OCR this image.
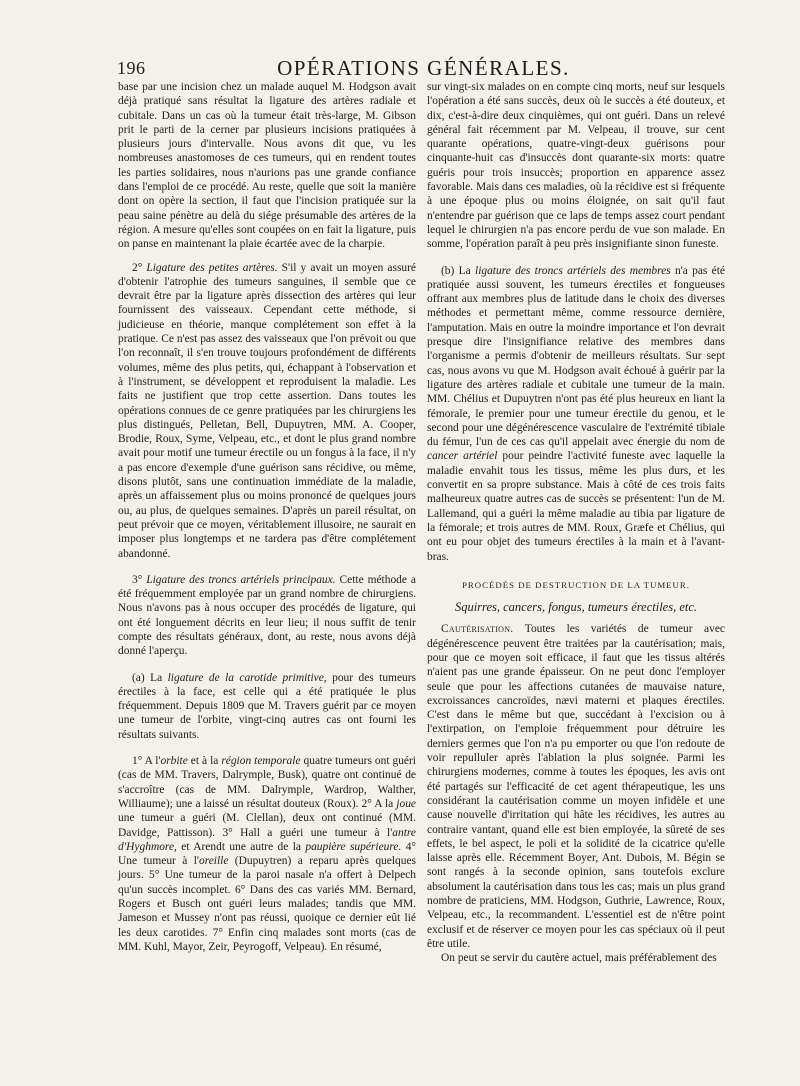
196	OPÉRATIONS GÉNÉRALES.

base par une incision chez un malade auquel M. Hodgson avait déjà pratiqué sans résultat la ligature des artères radiale et cubitale. Dans un cas où la tumeur était très-large, M. Gibson prit le parti de la cerner par plusieurs incisions pratiquées à plusieurs jours d'intervalle. Nous avons dit que, vu les nombreuses anastomoses de ces tumeurs, qui en rendent toutes les parties solidaires, nous n'aurions pas une grande confiance dans l'emploi de ce procédé. Au reste, quelle que soit la manière dont on opère la section, il faut que l'incision pratiquée sur la peau saine pénètre au delà du siége présumable des artères de la région. A mesure qu'elles sont coupées on en fait la ligature, puis on panse en maintenant la plaie écartée avec de la charpie.

2° Ligature des petites artères. S'il y avait un moyen assuré d'obtenir l'atrophie des tumeurs sanguines, il semble que ce devrait être par la ligature après dissection des artères qui leur fournissent des vaisseaux. Cependant cette méthode, si judicieuse en théorie, manque complétement son effet à la pratique. Ce n'est pas assez des vaisseaux que l'on prévoit ou que l'on reconnaît, il s'en trouve toujours profondément de différents volumes, même des plus petits, qui, échappant à l'observation et à l'instrument, se développent et reproduisent la maladie. Les faits ne justifient que trop cette assertion. Dans toutes les opérations connues de ce genre pratiquées par les chirurgiens les plus distingués, Pelletan, Bell, Dupuytren, MM. A. Cooper, Brodie, Roux, Syme, Velpeau, etc., et dont le plus grand nombre avait pour motif une tumeur érectile ou un fongus à la face, il n'y a pas encore d'exemple d'une guérison sans récidive, ou même, disons plutôt, sans une continuation immédiate de la maladie, après un affaissement plus ou moins prononcé de quelques jours ou, au plus, de quelques semaines. D'après un pareil résultat, on peut prévoir que ce moyen, véritablement illusoire, ne saurait en imposer plus longtemps et ne tardera pas d'être complétement abandonné.

3° Ligature des troncs artériels principaux. Cette méthode a été fréquemment employée par un grand nombre de chirurgiens. Nous n'avons pas à nous occuper des procédés de ligature, qui ont été longuement décrits en leur lieu; il nous suffit de tenir compte des résultats généraux, dont, au reste, nous avons déjà donné l'aperçu.

(a) La ligature de la carotide primitive, pour des tumeurs érectiles à la face, est celle qui a été pratiquée le plus fréquemment. Depuis 1809 que M. Travers guérit par ce moyen une tumeur de l'orbite, vingt-cinq autres cas ont fourni les résultats suivants.

1° A l'orbite et à la région temporale quatre tumeurs ont guéri (cas de MM. Travers, Dalrymple, Busk), quatre ont continué de s'accroître (cas de MM. Dalrymple, Wardrop, Walther, Williaume); une a laissé un résultat douteux (Roux). 2° A la joue une tumeur a guéri (M. Clellan), deux ont continué (MM. Davidge, Pattisson). 3° Hall a guéri une tumeur à l'antre d'Hyghmore, et Arendt une autre de la paupière supérieure. 4° Une tumeur à l'oreille (Dupuytren) a reparu après quelques jours. 5° Une tumeur de la paroi nasale n'a offert à Delpech qu'un succès incomplet. 6° Dans des cas variés MM. Bernard, Rogers et Busch ont guéri leurs malades; tandis que MM. Jameson et Mussey n'ont pas réussi, quoique ce dernier eût lié les deux carotides. 7° Enfin cinq malades sont morts (cas de MM. Kuhl, Mayor, Zeir, Peyrogoff, Velpeau). En résumé,

sur vingt-six malades on en compte cinq morts, neuf sur lesquels l'opération a été sans succès, deux où le succès a été douteux, et dix, c'est-à-dire deux cinquièmes, qui ont guéri. Dans un relevé général fait récemment par M. Velpeau, il trouve, sur cent quarante opérations, quatre-vingt-deux guérisons pour cinquante-huit cas d'insuccès dont quarante-six morts: quatre guéris pour trois insuccès; proportion en apparence assez favorable. Mais dans ces maladies, où la récidive est si fréquente à une époque plus ou moins éloignée, on sait qu'il faut n'entendre par guérison que ce laps de temps assez court pendant lequel le chirurgien n'a pas encore perdu de vue son malade. En somme, l'opération paraît à peu près insignifiante sinon funeste.

(b) La ligature des troncs artériels des membres n'a pas été pratiquée aussi souvent, les tumeurs érectiles et fongueuses offrant aux membres plus de latitude dans le choix des diverses méthodes et permettant même, comme ressource dernière, l'amputation. Mais en outre la moindre importance et l'on devrait presque dire l'insignifiance relative des membres dans l'organisme a permis d'obtenir de meilleurs résultats. Sur sept cas, nous avons vu que M. Hodgson avait échoué à guérir par la ligature des artères radiale et cubitale une tumeur de la main. MM. Chélius et Dupuytren n'ont pas été plus heureux en liant la fémorale, le premier pour une tumeur érectile du genou, et le second pour une dégénérescence vasculaire de l'extrémité tibiale du fémur, l'un de ces cas qu'il appelait avec énergie du nom de cancer artériel pour peindre l'activité funeste avec laquelle la maladie envahit tous les tissus, même les plus durs, et les convertit en sa propre substance. Mais à côté de ces trois faits malheureux quatre autres cas de succès se présentent: l'un de M. Lallemand, qui a guéri la même maladie au tibia par ligature de la fémorale; et trois autres de MM. Roux, Græfe et Chélius, qui ont eu pour objet des tumeurs érectiles à la main et à l'avant-bras.

PROCÉDÉS DE DESTRUCTION DE LA TUMEUR.
Squirres, cancers, fongus, tumeurs érectiles, etc.

Cautérisation. Toutes les variétés de tumeur avec dégénérescence peuvent être traitées par la cautérisation; mais, pour que ce moyen soit efficace, il faut que les tissus altérés n'aient pas une grande épaisseur. On ne peut donc l'employer seule que pour les affections cutanées de mauvaise nature, excroissances cancroïdes, nævi materni et plaques érectiles. C'est dans le même but que, succédant à l'excision ou à l'extirpation, on l'emploie fréquemment pour détruire les derniers germes que l'on n'a pu emporter ou que l'on redoute de voir repulluler après l'ablation la plus soignée. Parmi les chirurgiens modernes, comme à toutes les époques, les avis ont été partagés sur l'efficacité de cet agent thérapeutique, les uns considérant la cautérisation comme un moyen infidèle et une cause nouvelle d'irritation qui hâte les récidives, les autres au contraire vantant, quand elle est bien employée, la sûreté de ses effets, le bel aspect, le poli et la solidité de la cicatrice qu'elle laisse après elle. Récemment Boyer, Ant. Dubois, M. Bégin se sont rangés à la seconde opinion, sans toutefois exclure absolument la cautérisation dans tous les cas; mais un plus grand nombre de praticiens, MM. Hodgson, Guthrie, Lawrence, Roux, Velpeau, etc., la recommandent. L'essentiel est de n'être point exclusif et de réserver ce moyen pour les cas spéciaux où il peut être utile.

On peut se servir du cautère actuel, mais préférablement des
